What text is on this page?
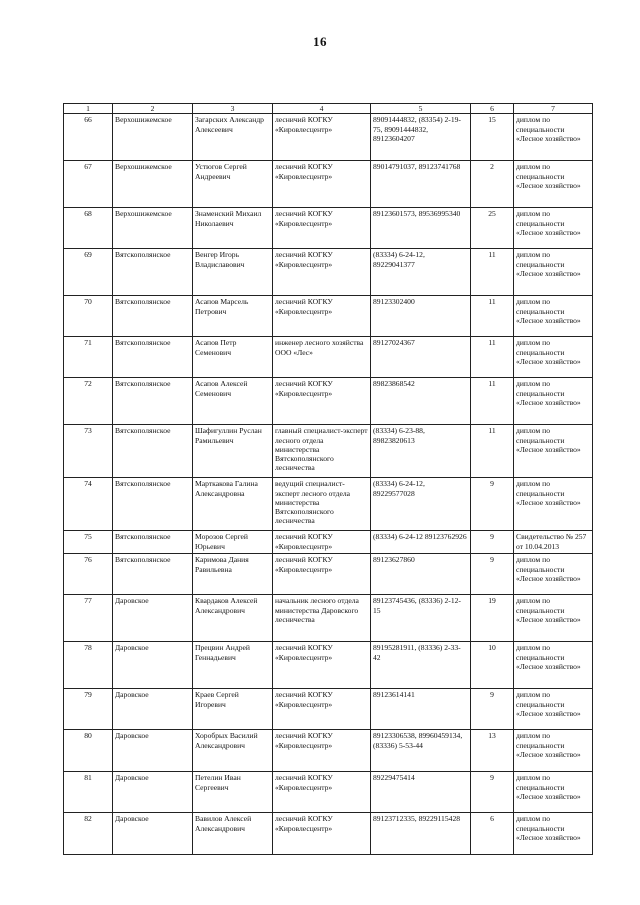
16
1	2	3	4	5	6	7
66	Верхошижемское	Загарских Александр Алексеевич	лесничий КОГКУ «Кировлесцентр»	89091444832, (83354) 2-19-75, 89091444832, 89123604207	15	диплом по специальности «Лесное хозяйство»
67	Верхошижемское	Устюгов Сергей Андреевич	лесничий КОГКУ «Кировлесцентр»	89014791037, 89123741768	2	диплом по специальности «Лесное хозяйство»
68	Верхошижемское	Знаменский Михаил Николаевич	лесничий КОГКУ «Кировлесцентр»	89123601573, 89536995340	25	диплом по специальности «Лесное хозяйство»
69	Вятскополянское	Венгер Игорь Владиславович	лесничий КОГКУ «Кировлесцентр»	(83334) 6-24-12, 89229041377	11	диплом по специальности «Лесное хозяйство»
70	Вятскополянское	Асапов Марсель Петрович	лесничий КОГКУ «Кировлесцентр»	89123302400	11	диплом по специальности «Лесное хозяйство»
71	Вятскополянское	Асапов Петр Семенович	инженер лесного хозяйства ООО «Лес»	89127024367	11	диплом по специальности «Лесное хозяйство»
72	Вятскополянское	Асапов Алексей Семенович	лесничий КОГКУ «Кировлесцентр»	89823868542	11	диплом по специальности «Лесное хозяйство»
73	Вятскополянское	Шафигуллин Руслан Рамильевич	главный специалист-эксперт лесного отдела министерства Вятскополянского лесничества	(83334) 6-23-88, 89823820613	11	диплом по специальности «Лесное хозяйство»
74	Вятскополянское	Марткакова Галина Александровна	ведущий специалист-эксперт лесного отдела министерства Вятскополянского лесничества	(83334) 6-24-12, 89229577028	9	диплом по специальности «Лесное хозяйство»
75	Вятскополянское	Морозов Сергей Юрьевич	лесничий КОГКУ «Кировлесцентр»	(83334) 6-24-12 89123762926	9	Свидетельство № 257 от 10.04.2013
76	Вятскополянское	Каримова Дания Равильевна	лесничий КОГКУ «Кировлесцентр»	89123627860	9	диплом по специальности «Лесное хозяйство»
77	Даровское	Квардаков Алексей Александрович	начальник лесного отдела министерства Даровского лесничества	89123745436, (83336) 2-12-15	19	диплом по специальности «Лесное хозяйство»
78	Даровское	Прецвин Андрей Геннадьевич	лесничий КОГКУ «Кировлесцентр»	89195281911, (83336) 2-33-42	10	диплом по специальности «Лесное хозяйство»
79	Даровское	Краев Сергей Игоревич	лесничий КОГКУ «Кировлесцентр»	89123614141	9	диплом по специальности «Лесное хозяйство»
80	Даровское	Хоробрых Василий Александрович	лесничий КОГКУ «Кировлесцентр»	89123306538, 89960459134, (83336) 5-53-44	13	диплом по специальности «Лесное хозяйство»
81	Даровское	Петелин Иван Сергеевич	лесничий КОГКУ «Кировлесцентр»	89229475414	9	диплом по специальности «Лесное хозяйство»
82	Даровское	Вавилов Алексей Александрович	лесничий КОГКУ «Кировлесцентр»	89123712335, 89229115428	6	диплом по специальности «Лесное хозяйство»
